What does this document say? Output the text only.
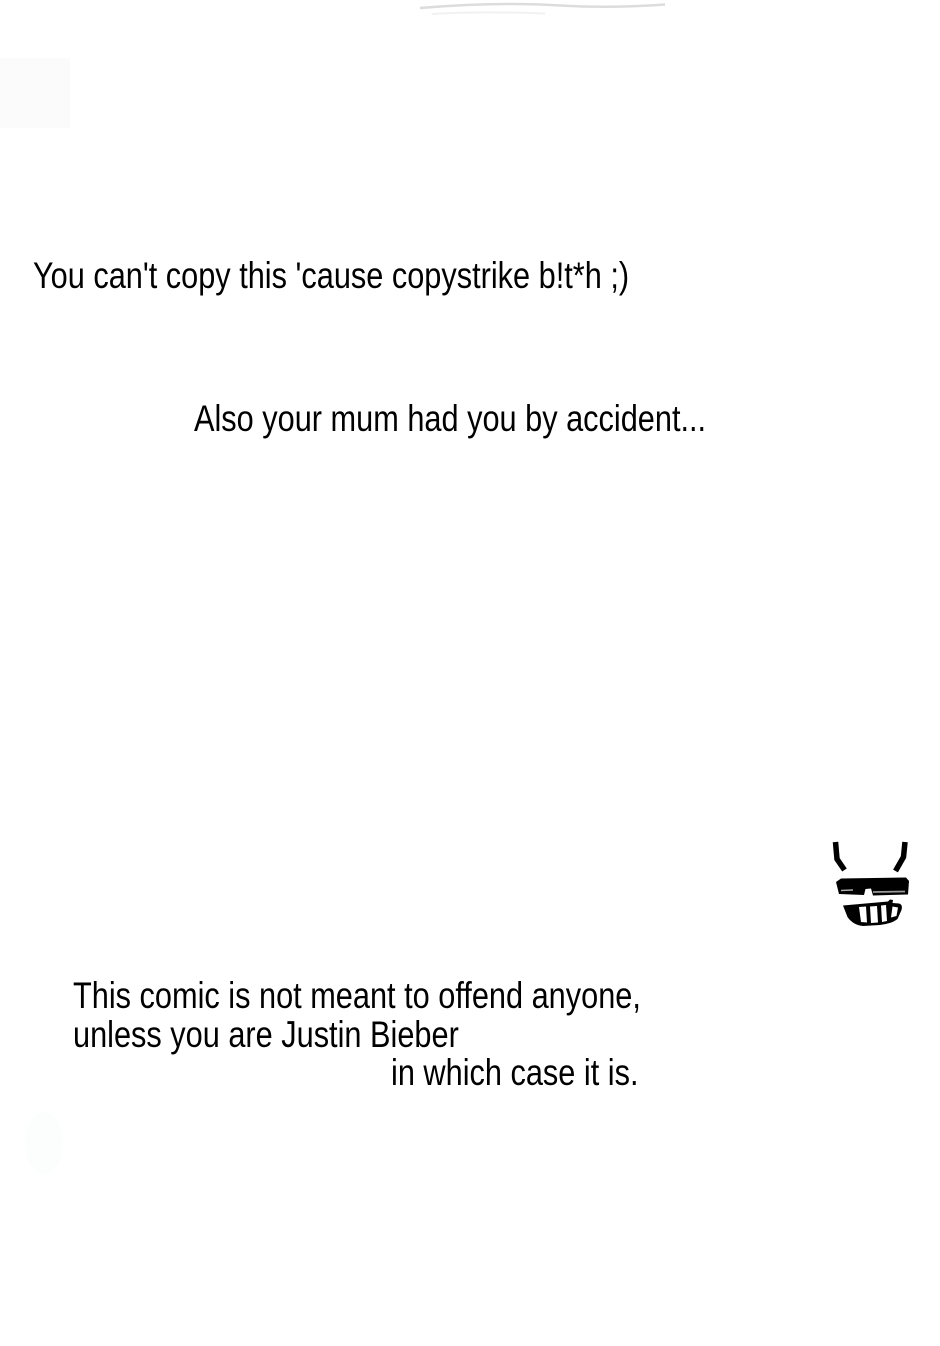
You can't copy this 'cause copystrike b!t*h ;)
Also your mum had you by accident...
This comic is not meant to offend anyone,
unless you are Justin Bieber
in which case it is.
